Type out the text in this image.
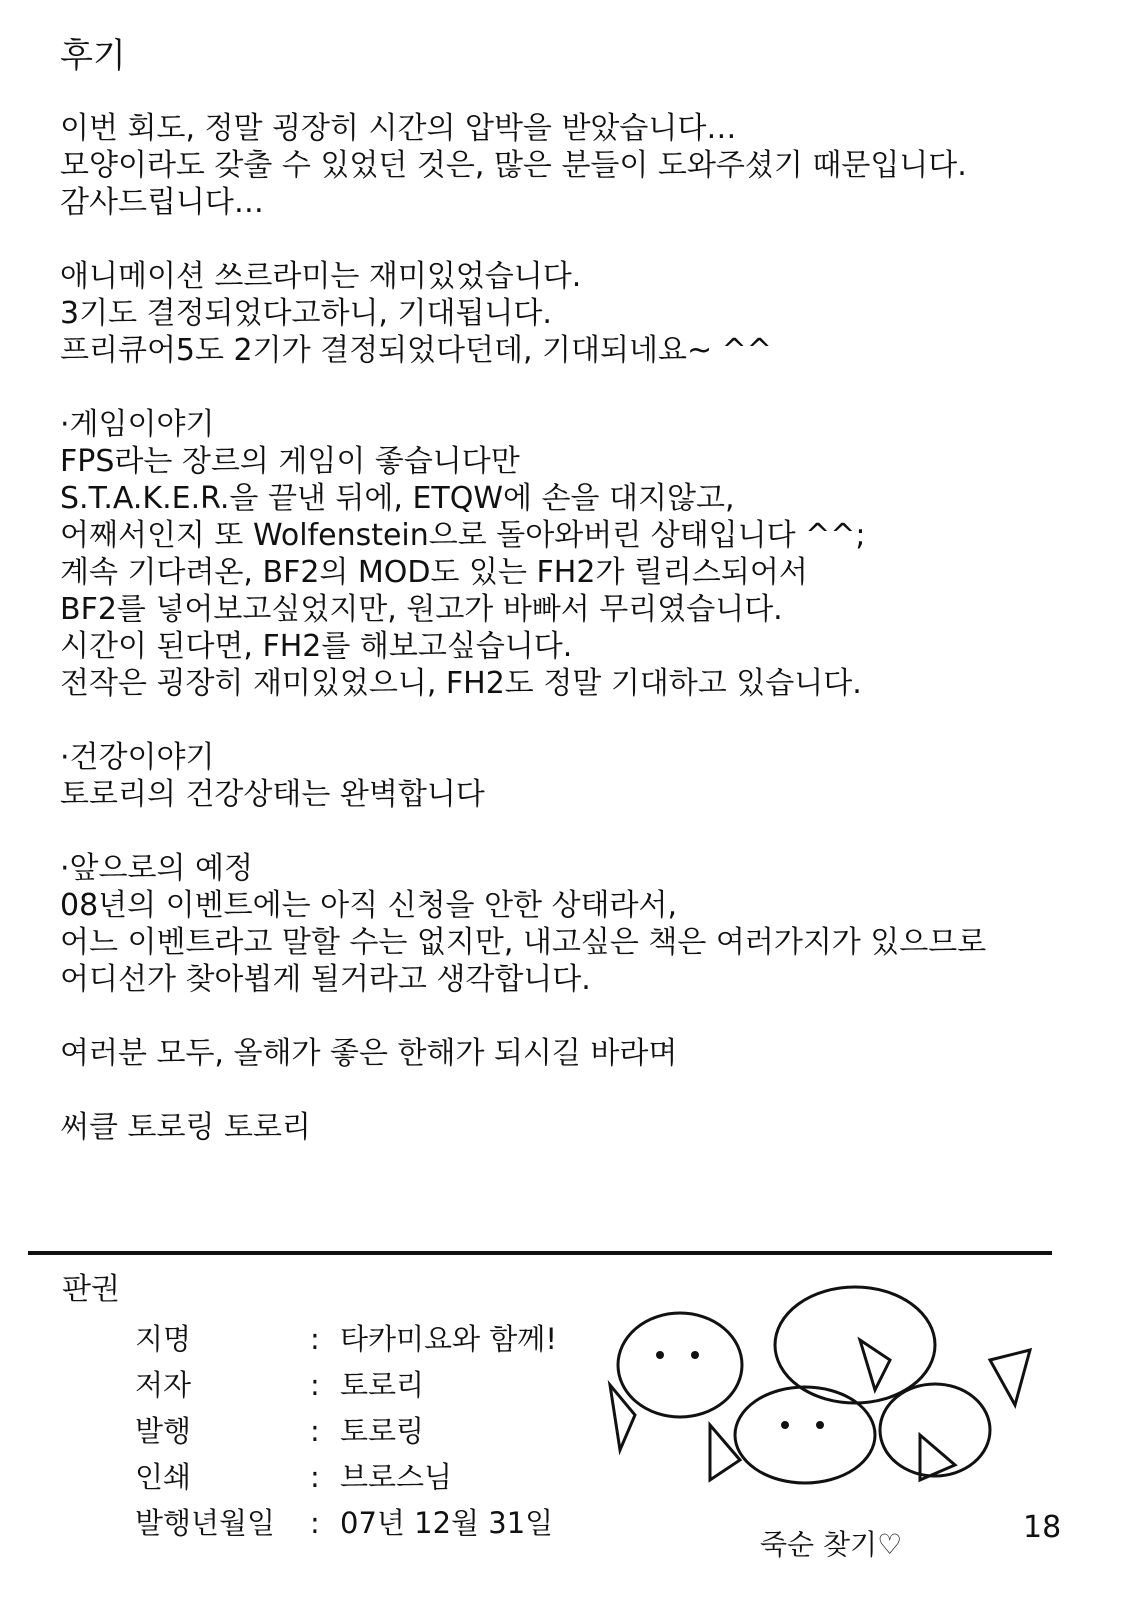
후기
이번 회도, 정말 굉장히 시간의 압박을 받았습니다…
모양이라도 갖출 수 있었던 것은, 많은 분들이 도와주셨기 때문입니다.
감사드립니다…
애니메이션 쓰르라미는 재미있었습니다.
3기도 결정되었다고하니, 기대됩니다.
프리큐어5도 2기가 결정되었다던데, 기대되네요~ ^^
·게임이야기
FPS라는 장르의 게임이 좋습니다만
S.T.A.K.E.R.을 끝낸 뒤에, ETQW에 손을 대지않고,
어째서인지 또 Wolfenstein으로 돌아와버린 상태입니다 ^^;
계속 기다려온, BF2의 MOD도 있는 FH2가 릴리스되어서
BF2를 넣어보고싶었지만, 원고가 바빠서 무리였습니다.
시간이 된다면, FH2를 해보고싶습니다.
전작은 굉장히 재미있었으니, FH2도 정말 기대하고 있습니다.
·건강이야기
토로리의 건강상태는 완벽합니다
·앞으로의 예정
08년의 이벤트에는 아직 신청을 안한 상태라서,
어느 이벤트라고 말할 수는 없지만, 내고싶은 책은 여러가지가 있으므로
어디선가 찾아뵙게 될거라고 생각합니다.
여러분 모두, 올해가 좋은 한해가 되시길 바라며
써클 토로링 토로리
판권
지명	: 타카미요와 함께!
저자	: 토로리
발행	: 토로링
인쇄	: 브로스님
발행년월일	: 07년 12월 31일
죽순 찾기♡	18
